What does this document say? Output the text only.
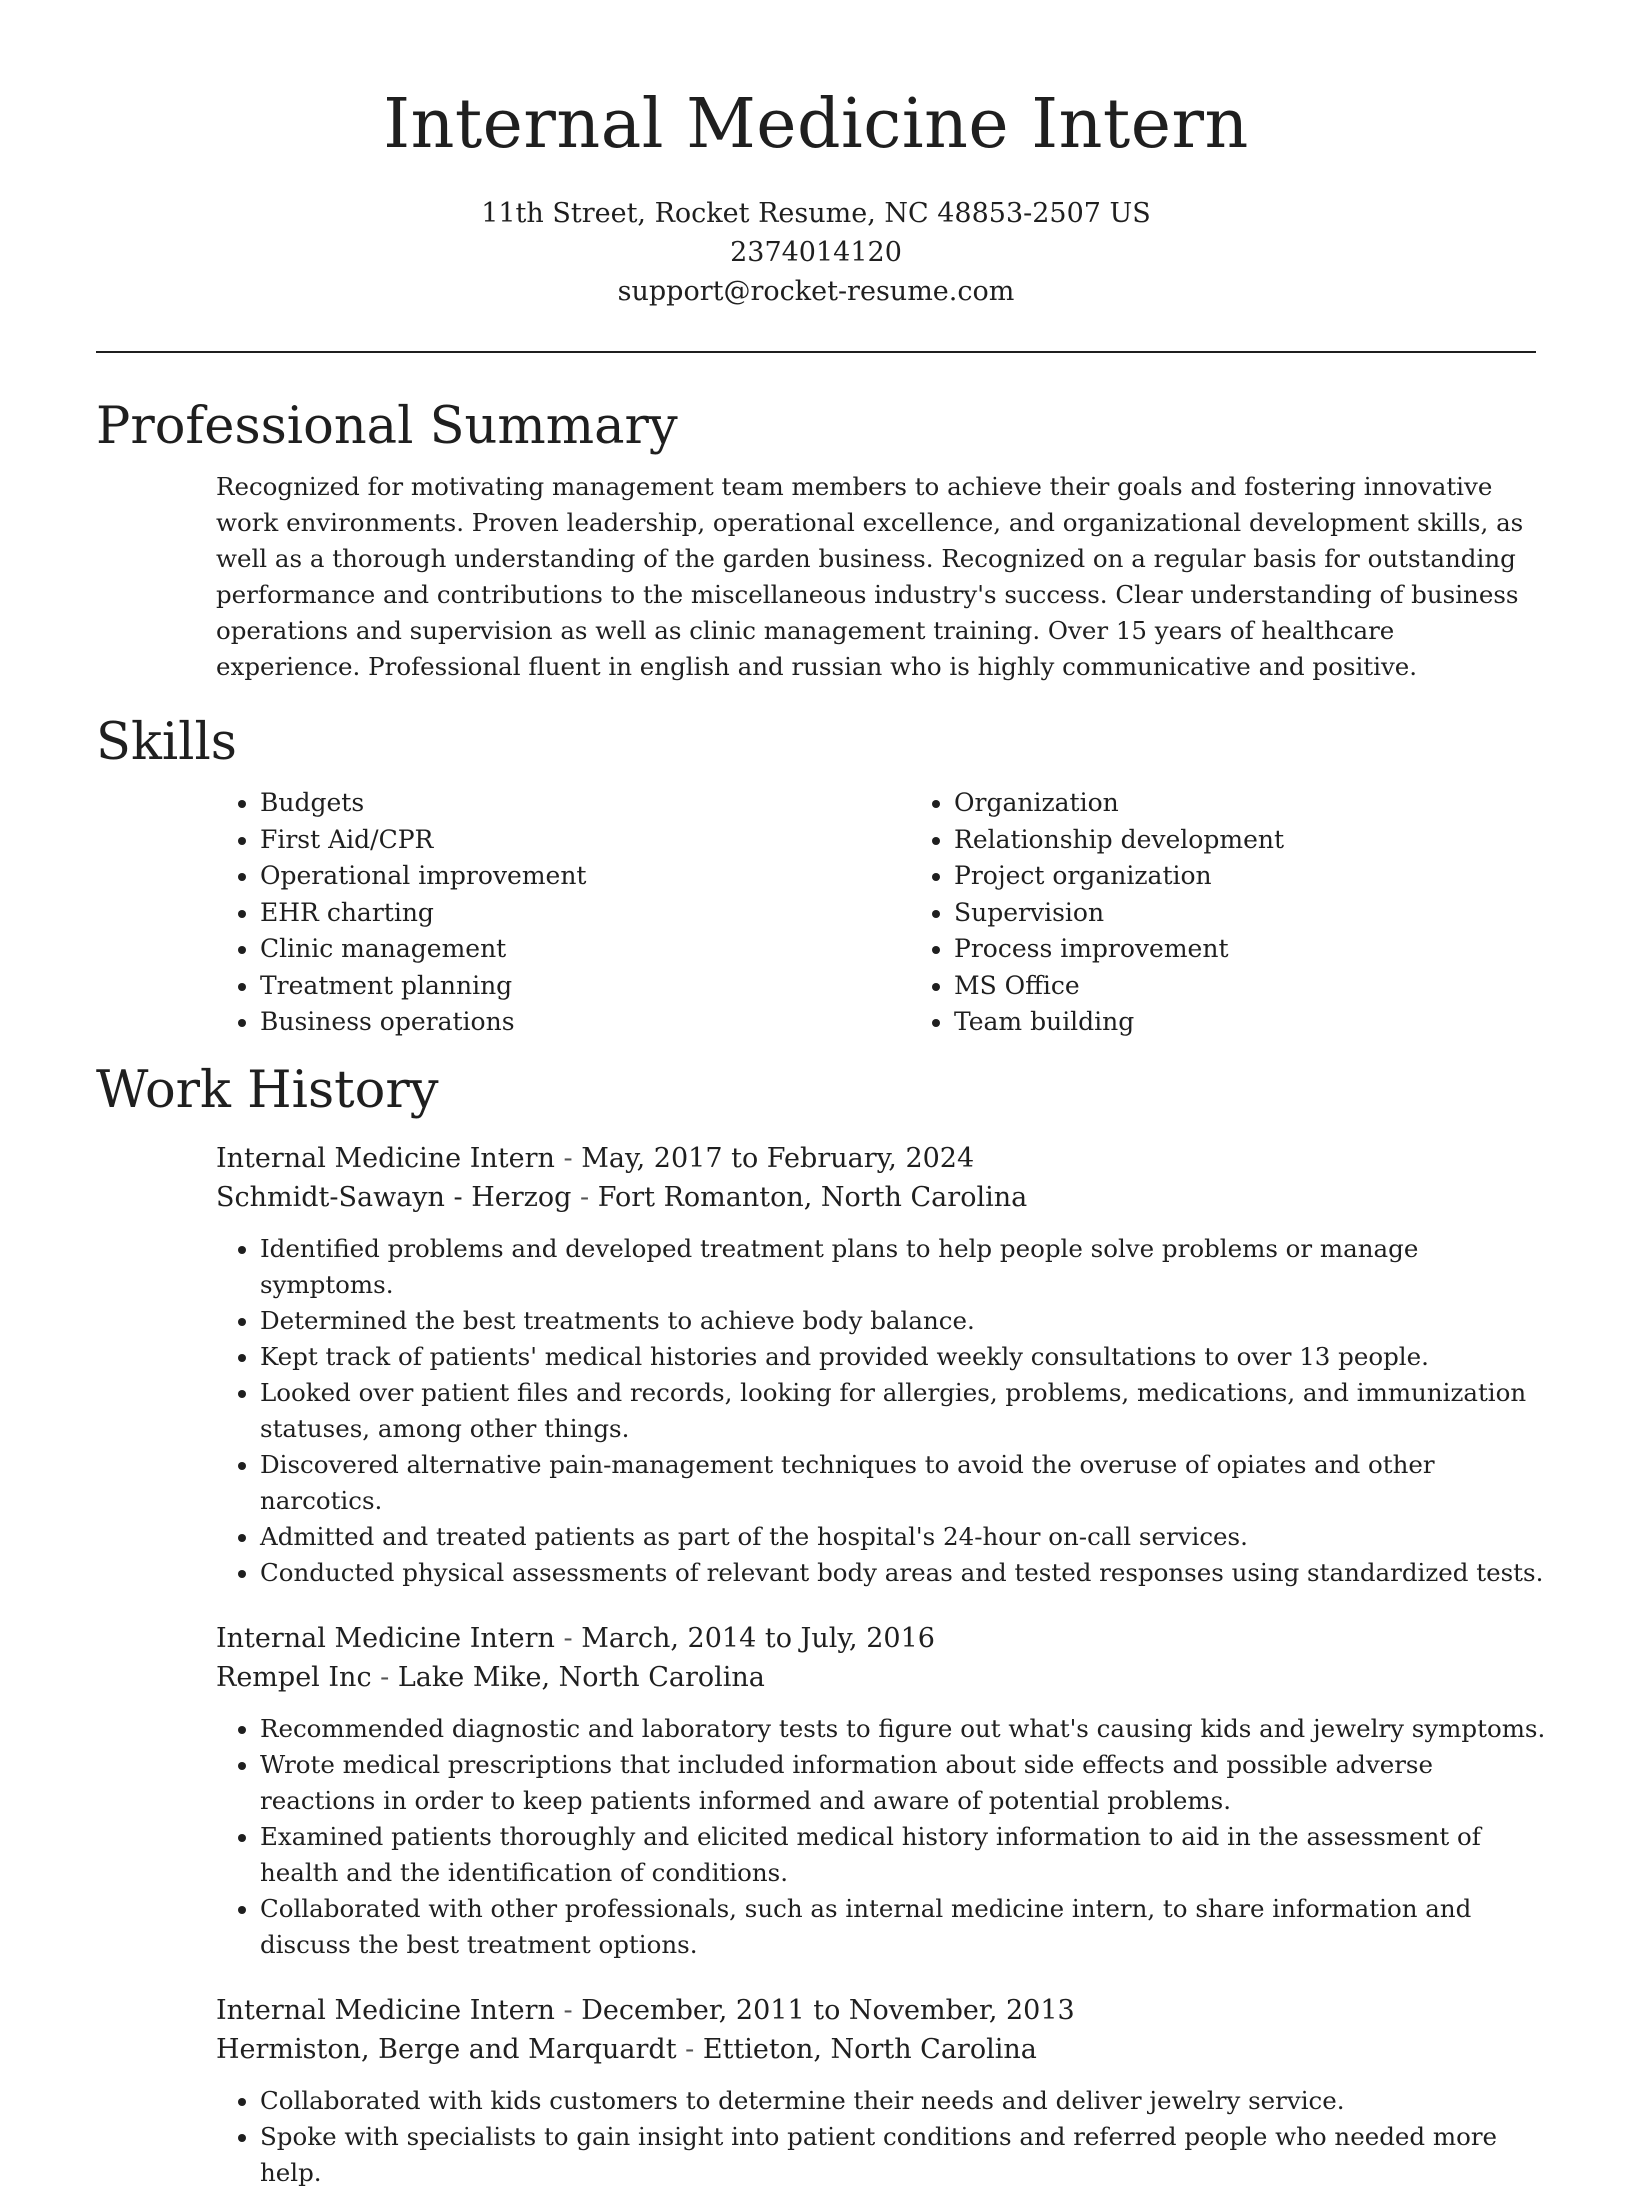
Internal Medicine Intern
11th Street, Rocket Resume, NC 48853-2507 US
2374014120
support@rocket-resume.com
Professional Summary

Recognized for motivating management team members to achieve their goals and fostering innovative work environments. Proven leadership, operational excellence, and organizational development skills, as well as a thorough understanding of the garden business. Recognized on a regular basis for outstanding performance and contributions to the miscellaneous industry's success. Clear understanding of business operations and supervision as well as clinic management training. Over 15 years of healthcare experience. Professional fluent in english and russian who is highly communicative and positive.

Skills
• Budgets
• First Aid/CPR
• Operational improvement
• EHR charting
• Clinic management
• Treatment planning
• Business operations
• Organization
• Relationship development
• Project organization
• Supervision
• Process improvement
• MS Office
• Team building
Work History
Internal Medicine Intern - May, 2017 to February, 2024
Schmidt-Sawayn - Herzog - Fort Romanton, North Carolina
• Identified problems and developed treatment plans to help people solve problems or manage symptoms.
• Determined the best treatments to achieve body balance.
• Kept track of patients' medical histories and provided weekly consultations to over 13 people.
• Looked over patient files and records, looking for allergies, problems, medications, and immunization statuses, among other things.
• Discovered alternative pain-management techniques to avoid the overuse of opiates and other narcotics.
• Admitted and treated patients as part of the hospital's 24-hour on-call services.
• Conducted physical assessments of relevant body areas and tested responses using standardized tests.
Internal Medicine Intern - March, 2014 to July, 2016
Rempel Inc - Lake Mike, North Carolina
• Recommended diagnostic and laboratory tests to figure out what's causing kids and jewelry symptoms.
• Wrote medical prescriptions that included information about side effects and possible adverse reactions in order to keep patients informed and aware of potential problems.
• Examined patients thoroughly and elicited medical history information to aid in the assessment of health and the identification of conditions.
• Collaborated with other professionals, such as internal medicine intern, to share information and discuss the best treatment options.
Internal Medicine Intern - December, 2011 to November, 2013
Hermiston, Berge and Marquardt - Ettieton, North Carolina
• Collaborated with kids customers to determine their needs and deliver jewelry service.
• Spoke with specialists to gain insight into patient conditions and referred people who needed more help.
